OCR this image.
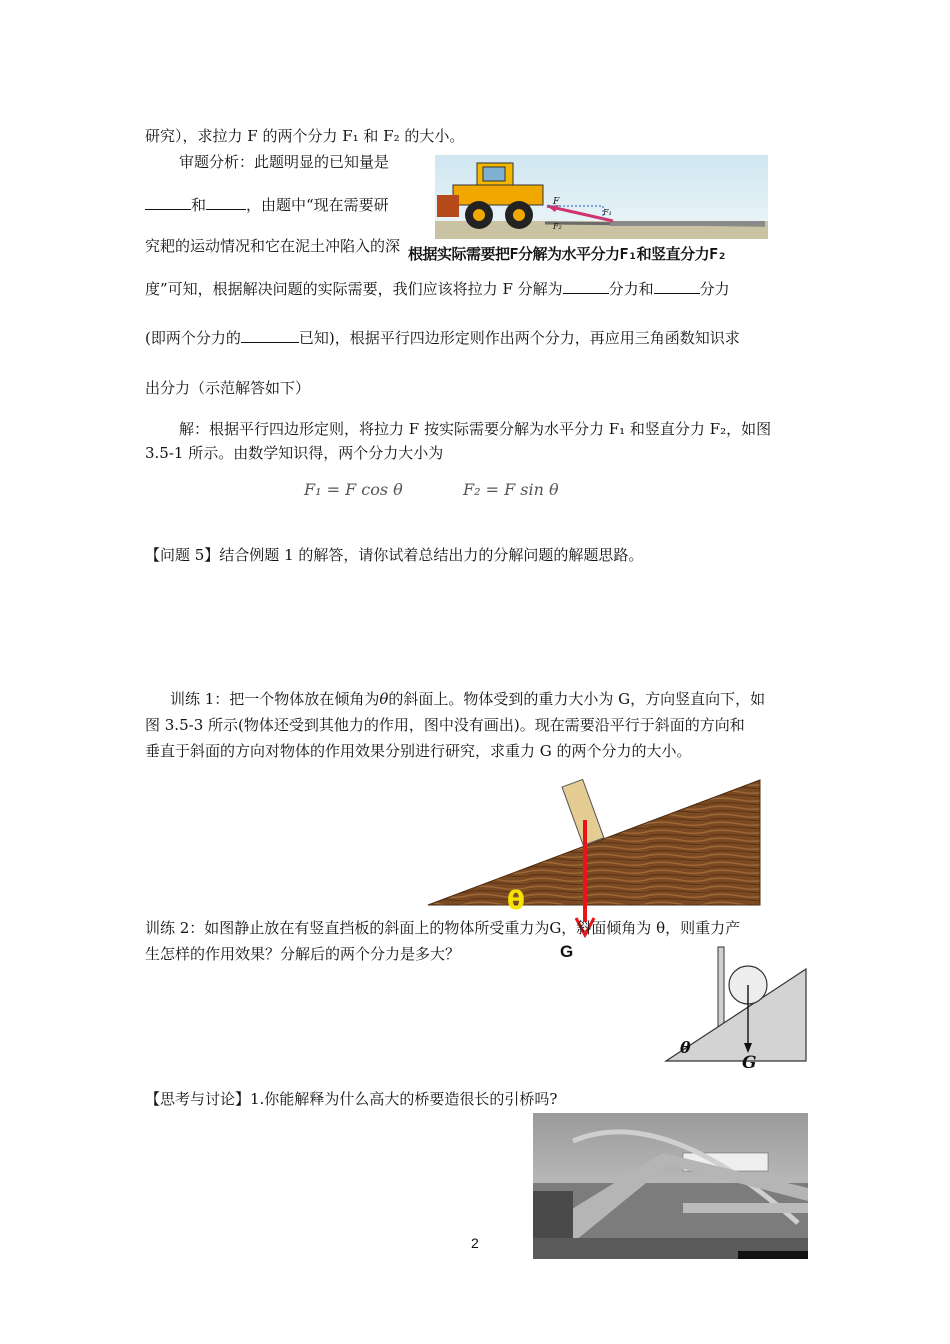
研究），求拉力 F 的两个分力 F₁ 和 F₂ 的大小。
审题分析：此题明显的已知量是
和	，由题中“现在需要研
究耙的运动情况和它在泥土冲陷入的深
F
F₁
F₂
根据实际需要把F分解为水平分力F₁和竖直分力F₂
度”可知，根据解决问题的实际需要，我们应该将拉力 F 分解为	分力和	分力
(即两个分力的	已知)，根据平行四边形定则作出两个分力，再应用三角函数知识求
出分力（示范解答如下）
解：根据平行四边形定则，将拉力 F 按实际需要分解为水平分力 F₁ 和竖直分力 F₂，如图
3.5-1 所示。由数学知识得，两个分力大小为
F₁ = F cos θ	F₂ = F sin θ
【问题 5】结合例题 1 的解答，请你试着总结出力的分解问题的解题思路。
训练 1：把一个物体放在倾角为θ的斜面上。物体受到的重力大小为 G，方向竖直向下，如
图 3.5-3 所示(物体还受到其他力的作用，图中没有画出)。现在需要沿平行于斜面的方向和
垂直于斜面的方向对物体的作用效果分别进行研究，求重力 G 的两个分力的大小。
θ
G
训练 2：如图静止放在有竖直挡板的斜面上的物体所受重力为G，斜面倾角为 θ，则重力产
生怎样的作用效果？分解后的两个分力是多大？
θ
G
【思考与讨论】1.你能解释为什么高大的桥要造很长的引桥吗?
2
